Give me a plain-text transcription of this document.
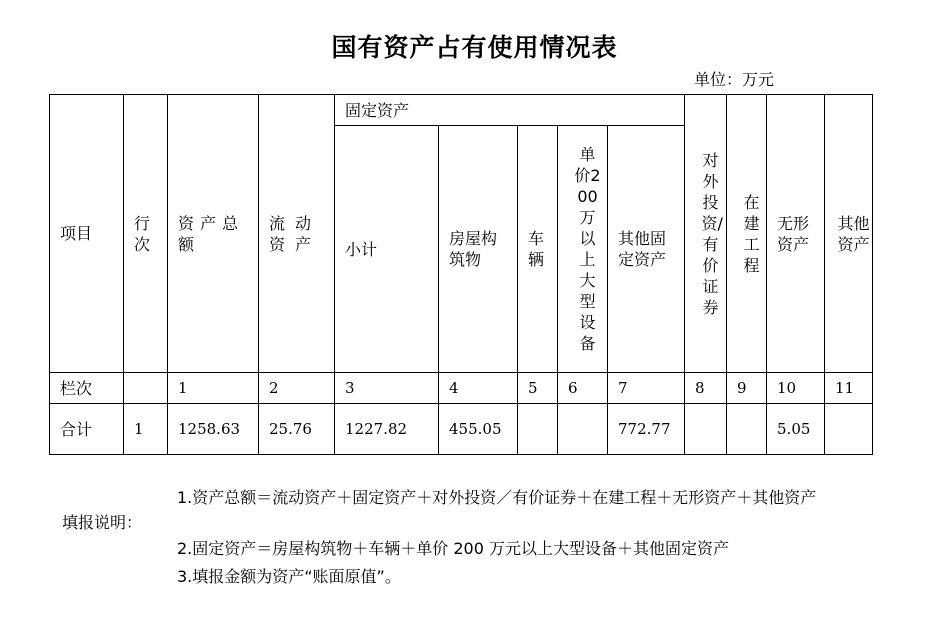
国有资产占有使用情况表
单位：万元
项目	行次	资产总额	流动资产	固定资产					对外投资/有价证券	在建工程	无形资产	其他资产

				小计	房屋构筑物	车辆	单价200万以上大型设备	其他固定资产				

栏次		1	2	3	4	5	6	7	8	9	10	11
合计	1	1258.63	25.76	1227.82	455.05			772.77			5.05	
填报说明：
1.资产总额＝流动资产＋固定资产＋对外投资／有价证券＋在建工程＋无形资产＋其他资产
2.固定资产＝房屋构筑物＋车辆＋单价 200 万元以上大型设备＋其他固定资产
3.填报金额为资产“账面原值”。
